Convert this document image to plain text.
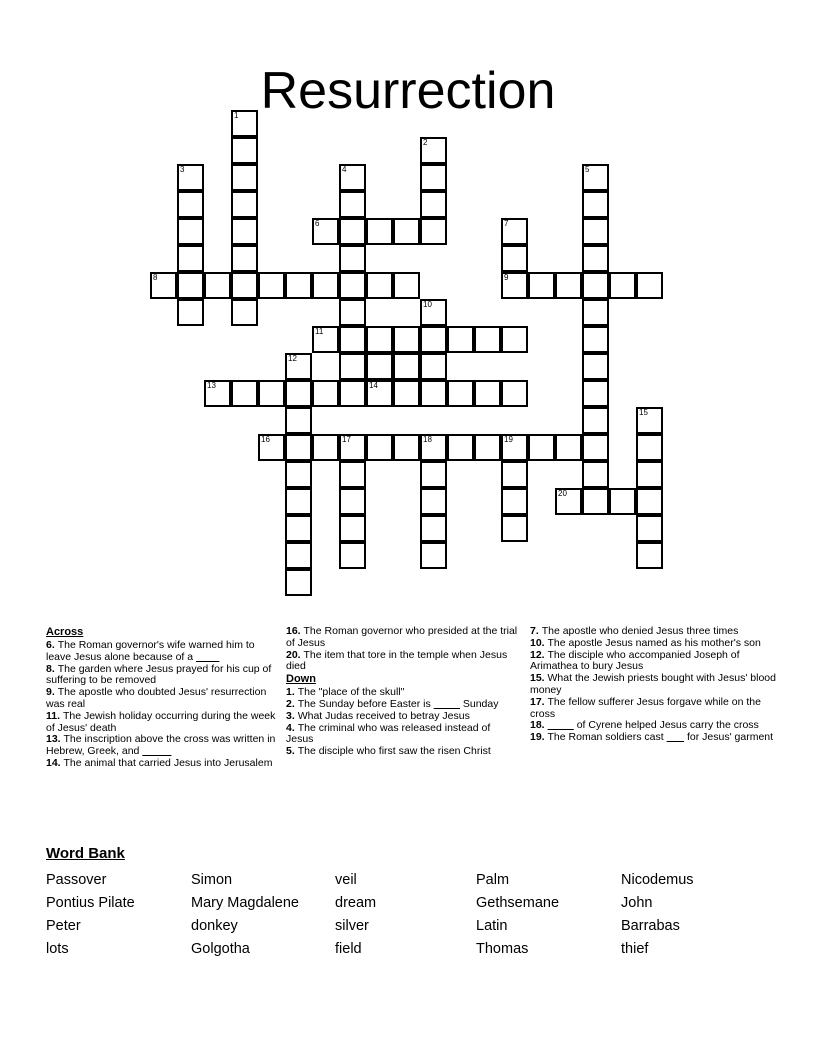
Resurrection
1
2
3	4	5
6	7
8	9
10
11
12
13	14
15
16	19
17	18
20
Across
6. The Roman governor's wife warned him to leave Jesus alone because of a
8. The garden where Jesus prayed for his cup of suffering to be removed
9. The apostle who doubted Jesus' resurrection was real
11. The Jewish holiday occurring during the week of Jesus' death
13. The inscription above the cross was written in Hebrew, Greek, and
14. The animal that carried Jesus into Jerusalem
16. The Roman governor who presided at the trial of Jesus
20. The item that tore in the temple when Jesus died
Down
1. The "place of the skull"
2. The Sunday before Easter is	Sunday
3. What Judas received to betray Jesus
4. The criminal who was released instead of Jesus
5. The disciple who first saw the risen Christ
7. The apostle who denied Jesus three times
10. The apostle Jesus named as his mother's son
12. The disciple who accompanied Joseph of Arimathea to bury Jesus
15. What the Jewish priests bought with Jesus' blood money
17. The fellow sufferer Jesus forgave while on the cross
18.	of Cyrene helped Jesus carry the cross
19. The Roman soldiers cast        for Jesus' garment
Word Bank
Passover
Pontius Pilate
Peter
lots
Simon
Mary Magdalene
donkey
Golgotha
veil
dream
silver
field
Palm
Gethsemane
Latin
Thomas
Nicodemus
John
Barrabas
thief
